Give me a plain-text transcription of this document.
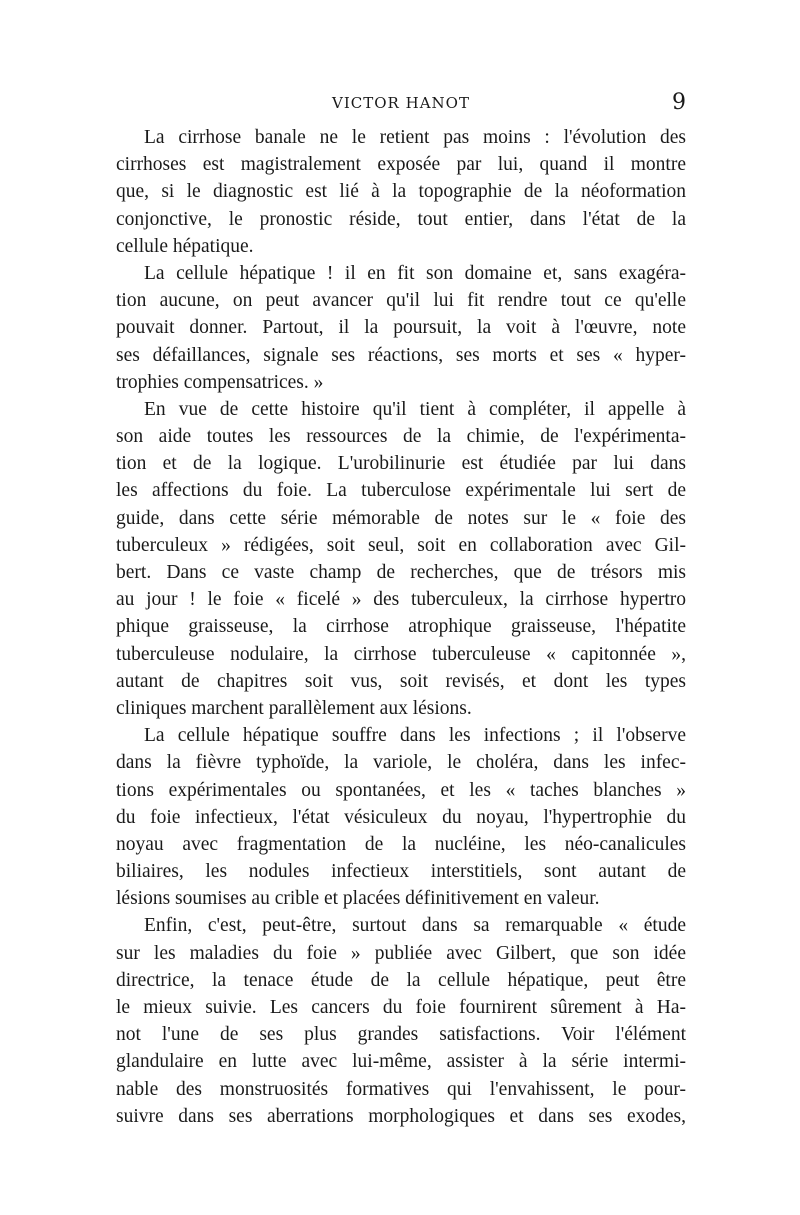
VICTOR HANOT	9
La cirrhose banale ne le retient pas moins : l'évolution des
cirrhoses est magistralement exposée par lui, quand il montre
que, si le diagnostic est lié à la topographie de la néoformation
conjonctive, le pronostic réside, tout entier, dans l'état de la
cellule hépatique.
La cellule hépatique ! il en fit son domaine et, sans exagéra-
tion aucune, on peut avancer qu'il lui fit rendre tout ce qu'elle
pouvait donner. Partout, il la poursuit, la voit à l'œuvre, note
ses défaillances, signale ses réactions, ses morts et ses « hyper-
trophies compensatrices. »
En vue de cette histoire qu'il tient à compléter, il appelle à
son aide toutes les ressources de la chimie, de l'expérimenta-
tion et de la logique. L'urobilinurie est étudiée par lui dans
les affections du foie. La tuberculose expérimentale lui sert de
guide, dans cette série mémorable de notes sur le « foie des
tuberculeux » rédigées, soit seul, soit en collaboration avec Gil-
bert. Dans ce vaste champ de recherches, que de trésors mis
au jour ! le foie « ficelé » des tuberculeux, la cirrhose hypertro
phique graisseuse, la cirrhose atrophique graisseuse, l'hépatite
tuberculeuse nodulaire, la cirrhose tuberculeuse « capitonnée »,
autant de chapitres soit vus, soit revisés, et dont les types
cliniques marchent parallèlement aux lésions.
La cellule hépatique souffre dans les infections ; il l'observe
dans la fièvre typhoïde, la variole, le choléra, dans les infec-
tions expérimentales ou spontanées, et les « taches blanches »
du foie infectieux, l'état vésiculeux du noyau, l'hypertrophie du
noyau avec fragmentation de la nucléine, les néo-canalicules
biliaires, les nodules infectieux interstitiels, sont autant de
lésions soumises au crible et placées définitivement en valeur.
Enfin, c'est, peut-être, surtout dans sa remarquable « étude
sur les maladies du foie » publiée avec Gilbert, que son idée
directrice, la tenace étude de la cellule hépatique, peut être
le mieux suivie. Les cancers du foie fournirent sûrement à Ha-
not l'une de ses plus grandes satisfactions. Voir l'élément
glandulaire en lutte avec lui-même, assister à la série intermi-
nable des monstruosités formatives qui l'envahissent, le pour-
suivre dans ses aberrations morphologiques et dans ses exodes,
